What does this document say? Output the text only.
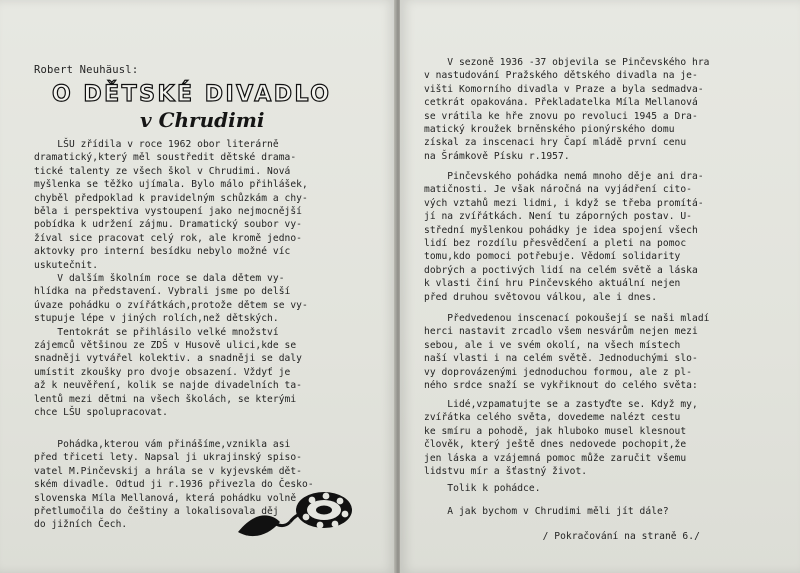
Robert Neuhäusl:
O DĚTSKÉ DIVADLO
v Chrudimi

LŠU zřídila v roce 1962 obor literárně
dramatický,který měl soustředit dětské drama-
tické talenty ze všech škol v Chrudimi. Nová
myšlenka se těžko ujímala. Bylo málo přihlášek,
chyběl předpoklad k pravidelným schůzkám a chy-
běla i perspektiva vystoupení jako nejmocnější
pobídka k udržení zájmu. Dramatický soubor vy-
žíval sice pracovat celý rok, ale kromě jedno-
aktovky pro interní besídku nebylo možné víc
uskutečnit.

V dalším školním roce se dala dětem vy-
hlídka na představení. Vybrali jsme po delší
úvaze pohádku o zvířátkách,protože dětem se vy-
stupuje lépe v jiných rolích,než dětských.
Tentokrát se přihlásilo velké množství
zájemců většinou ze ZDŠ v Husově ulici,kde se
snadněji vytvářel kolektiv. a snadněji se daly
umístit zkoušky pro dvoje obsazení. Vždyť je
až k neuvěření, kolik se najde divadelních ta-
lentů mezi dětmi na všech školách, se kterými
chce LŠU spolupracovat.

Pohádka,kterou vám přinášíme,vznikla asi
před třiceti lety. Napsal ji ukrajinský spiso-
vatel M.Pinčevskij a hrála se v kyjevském dět-
ském divadle. Odtud ji r.1936 přivezla do Česko-
slovenska Míla Mellanová, která pohádku volně
přetlumočila do češtiny a lokalisovala děj
do jižních Čech.

V sezoně 1936 -37 objevila se Pinčevského hra
v nastudování Pražského dětského divadla na je-
višti Komorního divadla v Praze a byla sedmadva-
cetkrát opakována. Překladatelka Míla Mellanová
se vrátila ke hře znovu po revoluci 1945 a Dra-
matický kroužek brněnského pionýrského domu
získal za inscenaci hry Čapí mládě první cenu
na Šrámkově Písku r.1957.

Pinčevského pohádka nemá mnoho děje ani dra-
matičnosti. Je však náročná na vyjádření cito-
vých vztahů mezi lidmi, i když se třeba promítá-
jí na zvířátkách. Není tu záporných postav. U-
střední myšlenkou pohádky je idea spojení všech
lidí bez rozdílu přesvědčení a pleti na pomoc
tomu,kdo pomoci potřebuje. Vědomí solidarity
dobrých a poctivých lidí na celém světě a láska
k vlasti činí hru Pinčevského aktuální nejen
před druhou světovou válkou, ale i dnes.

Předvedenou inscenací pokoušejí se naši mladí
herci nastavit zrcadlo všem nesvárům nejen mezi
sebou, ale i ve svém okolí, na všech místech
naší vlasti i na celém světě. Jednoduchými slo-
vy doprovázenými jednoduchou formou, ale z pl-
ného srdce snaží se vykřiknout do celého světa:

Lidé,vzpamatujte se a zastyďte se. Když my,
zvířátka celého světa, dovedeme nalézt cestu
ke smíru a pohodě, jak hluboko musel klesnout
člověk, který ještě dnes nedovede pochopit,že
jen láska a vzájemná pomoc může zaručit všemu
lidstvu mír a šťastný život.

Tolik k pohádce.

A jak bychom v Chrudimi měli jít dále?

/ Pokračování na straně 6./
